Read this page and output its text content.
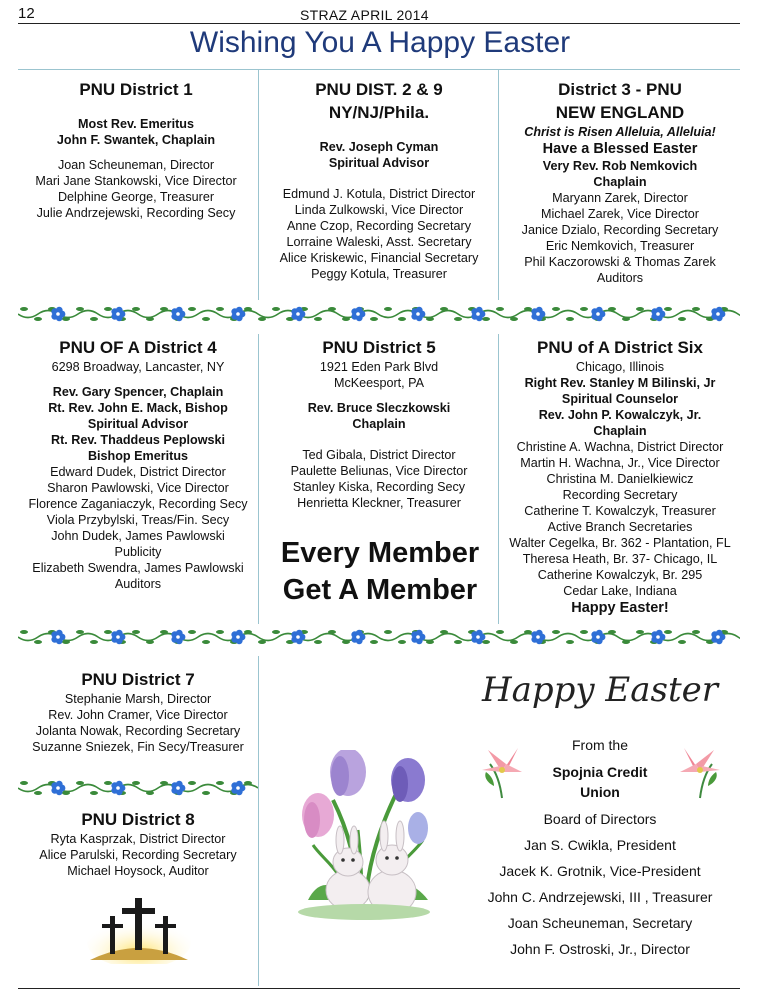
12	STRAZ APRIL 2014
Wishing You A Happy Easter
PNU District 1
Most Rev. Emeritus
John F. Swantek, Chaplain
Joan Scheuneman, Director
Mari Jane Stankowski, Vice Director
Delphine George, Treasurer
Julie Andrzejewski, Recording Secy
PNU DIST. 2 & 9
NY/NJ/Phila.
Rev. Joseph Cyman
Spiritual Advisor
Edmund J. Kotula, District Director
Linda Zulkowski, Vice Director
Anne Czop, Recording Secretary
Lorraine Waleski, Asst. Secretary
Alice Kriskewic, Financial Secretary
Peggy Kotula, Treasurer
District 3 - PNU
NEW ENGLAND
Christ is Risen Alleluia, Alleluia!
Have a Blessed Easter
Very Rev. Rob Nemkovich
Chaplain
Maryann Zarek, Director
Michael Zarek, Vice Director
Janice Dzialo, Recording Secretary
Eric Nemkovich, Treasurer
Phil Kaczorowski & Thomas Zarek
Auditors
PNU OF A District 4
6298 Broadway, Lancaster, NY
Rev. Gary Spencer, Chaplain
Rt. Rev. John E. Mack, Bishop
Spiritual Advisor
Rt. Rev. Thaddeus Peplowski
Bishop Emeritus
Edward Dudek, District Director
Sharon Pawlowski, Vice Director
Florence Zaganiaczyk, Recording Secy
Viola Przybylski, Treas/Fin. Secy
John Dudek, James Pawlowski
Publicity
Elizabeth Swendra, James Pawlowski
Auditors
PNU District 5
1921 Eden Park Blvd
McKeesport, PA
Rev. Bruce Sleczkowski
Chaplain
Ted Gibala, District Director
Paulette Beliunas, Vice Director
Stanley Kiska, Recording Secy
Henrietta Kleckner, Treasurer
Every Member
Get A Member
PNU of A District Six
Chicago, Illinois
Right Rev. Stanley M Bilinski, Jr
Spiritual Counselor
Rev. John P. Kowalczyk, Jr.
Chaplain
Christine A. Wachna, District Director
Martin H. Wachna, Jr., Vice Director
Christina M. Danielkiewicz
Recording Secretary
Catherine T. Kowalczyk, Treasurer
Active Branch Secretaries
Walter Cegelka, Br. 362 - Plantation, FL
Theresa Heath, Br. 37- Chicago, IL
Catherine Kowalczyk, Br. 295
Cedar Lake, Indiana
Happy Easter!
PNU District 7
Stephanie Marsh, Director
Rev. John Cramer, Vice Director
Jolanta Nowak, Recording Secretary
Suzanne Sniezek, Fin Secy/Treasurer
PNU District 8
Ryta Kasprzak, District Director
Alice Parulski, Recording Secretary
Michael Hoysock, Auditor
Happy Easter
From the
Spojnia Credit
Union
Board of Directors
Jan S. Cwikla, President
Jacek K. Grotnik, Vice-President
John C. Andrzejewski, III , Treasurer
Joan Scheuneman, Secretary
John F. Ostroski, Jr., Director
